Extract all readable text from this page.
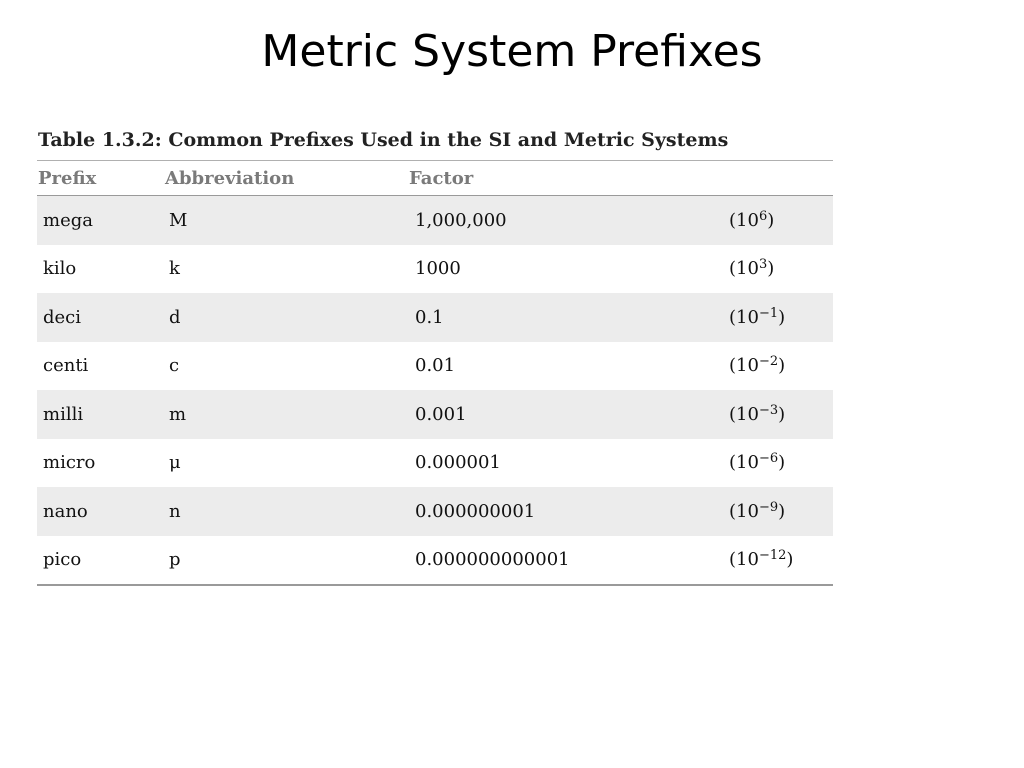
Metric System Prefixes
Table 1.3.2: Common Prefixes Used in the SI and Metric Systems
Prefix	Abbreviation	Factor
mega	M	1,000,000	$(10^6)$
kilo	k	1000	$(10^3)$
deci	d	0.1	$(10^{-1})$
centi	c	0.01	$(10^{-2})$
milli	m	0.001	$(10^{-3})$
micro	μ	0.000001	$(10^{-6})$
nano	n	0.000000001	$(10^{-9})$
pico	p	0.000000000001	$(10^{-12})$
